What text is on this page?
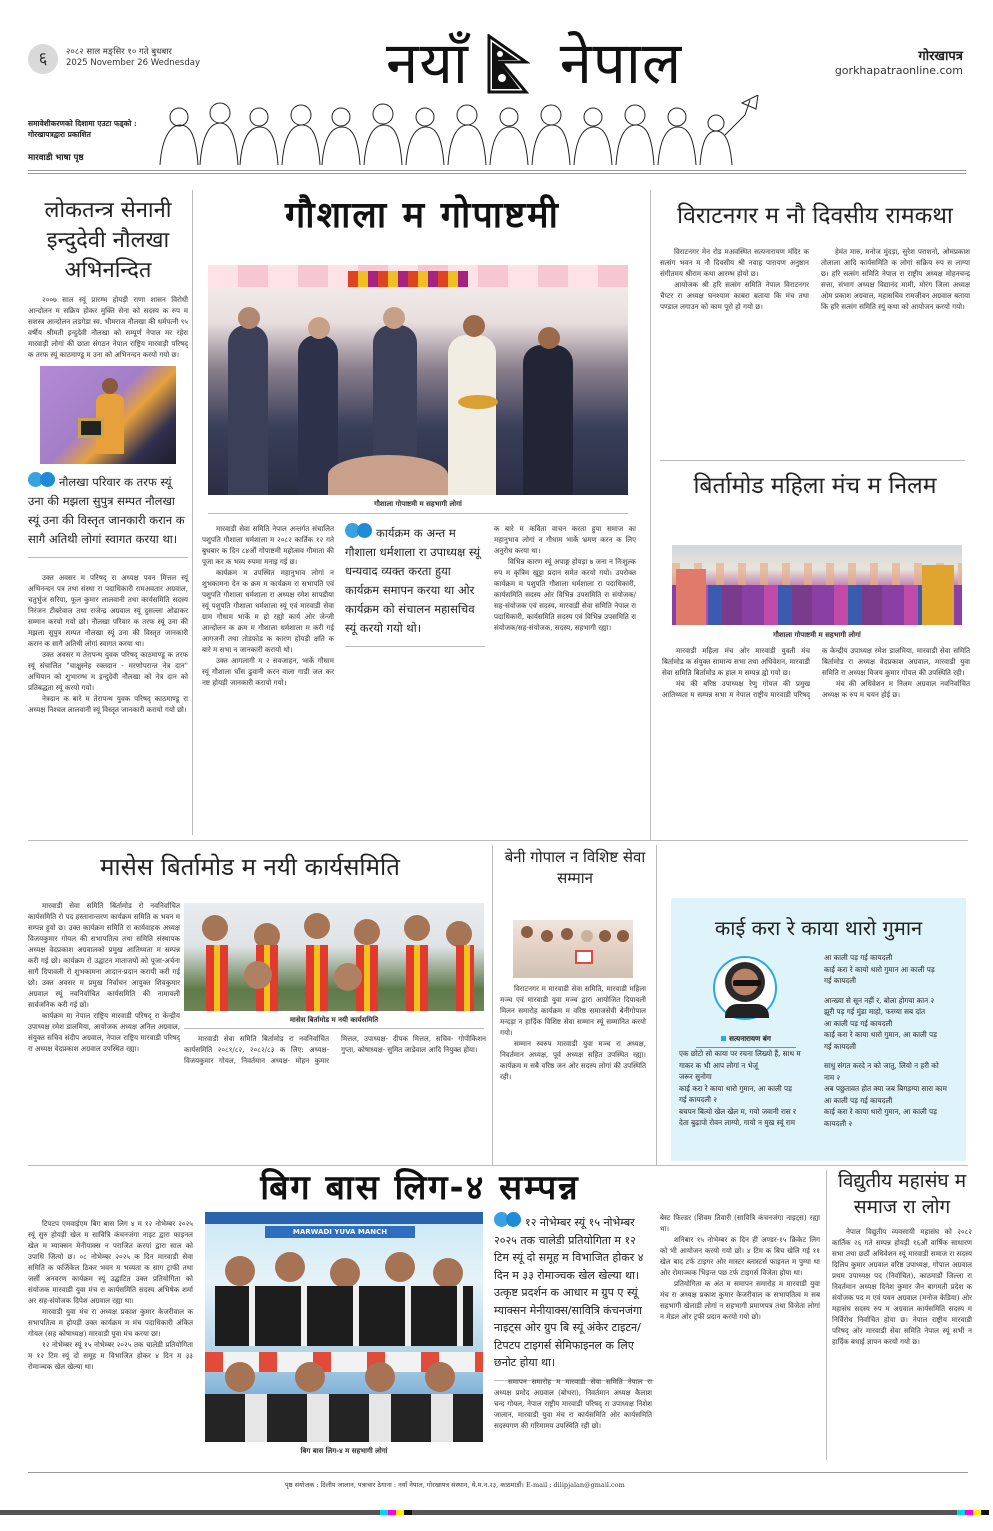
६	२०८२ साल मङ्सिर १० गते बुधबार
2025 November 26 Wednesday	नयाँ नेपाल
समावेशीकरणको दिशामा एउटा फड्को : गोरखापत्रद्वारा प्रकाशित
मारवाडी भाषा पृष्ठ
गोरखापत्र
gorkhapatraonline.com
लोकतन्त्र सेनानी इन्दुदेवी नौलखा अभिनन्दित

२००७ साल स्यूं प्रारम्भ होयड़ी राणा शासन विरोधी आन्दोलन म सक्रिय होकर मुक्ति सेना को सदस्य क रुप म सशस्त्र आन्दोलन लडगेडा स्व. भीमराज नौलखा की धर्मपत्नी ९५ वर्षीय श्रीमती इन्दुदेवी नौलखा को सम्पूर्ण नेपाल मर रहेरा मारवाड़ी लोगां की छाता संगठन नेपाल राष्ट्रिय मारवाड़ी परिषद् क तरफ स्यूं काठमाण्डू म उना को अभिनन्दन करयो गयो छ।

नौलखा परिवार क तरफ स्यूं उना की मझला सुपुत्र सम्पत नौलखा स्यूं उना की विस्तृत जानकारी करान क सागै अतिथी लोगां स्वागत करया था।

उक्त अवसर म परिषद् रा अध्यक्ष पवन मित्तल स्यूं अभिनन्दन पत्र तथा संस्था रा पदाधिकारी रामअवतार अग्रवाल, चतुर्भुज सरिया, फूल कुमार लालवानी तथा कार्यसमिति सदस्य निरंजन टीबरेवाल तथा राजेन्द्र अग्रवाल स्यूं दुसल्ला ओढाकर सम्मान करयो गयो छो। नौलखा परिवार क तरफ स्यूं उना की मझला सुपुत्र सम्पत नौलखा स्यूं उना की विस्तृत जानकारी करान क सागै अतिथी लोगां स्वागत करया था।

उक्त अवसर म तेरापन्थ युवक परिषद् काठमाण्डू क तरफ स्यूं संचालित "चाक्षुस्नेह रक्तदान - मरणोपरान्त नेत्र दान" अभियान को शुभारम्भ म इन्दुदेवी नौलखा को नेत्र दान को प्रतिबद्धता स्यूं करयो गयो।

नेत्रदान क बारे म तेरापन्थ युवक परिषद् काठमाण्डू रा अध्यक्ष निश्चल लालवानी स्यूं विस्तृत जानकारी करायो गयो छो।

गौशाला म गोपाष्टमी
गौशाला गोपाष्टमी म सहभागी लोगां

मारवाडी सेवा समिति नेपाल अन्तर्गत संचालित पशुपति गौशाला धर्मशाला म २०८२ कार्तिक १२ गते बुधबार क दिन ८४औं गोपाष्टमी महोत्सव गौमाता की पूजा कर क भव्य रुपमा मनाइ गई छ।

कार्यक्रम म उपस्थित महानुभाव लोगां न शुभकामना देन क क्रम म कार्यक्रम रा सभापति एवं पशुपति गौशाला धर्मशाला रा अध्यक्ष रमेश सापडीया स्यूं पशुपति गौशाला धर्मशाला स्यूं एवं मारवाडी सेवा ग्राम गौधाम भार्के म हो रह्यो कार्य ओर जेन्जी आन्दोलन क क्रम म गौशाला धर्मशाला म करी गई आगजनी तथा तोडफोड क कारण होयड़ी क्षति क बारे म सभा न जानकारी करायो थो।

उक्त आगलागी म २ सवजाहन, भार्के गौधाम स्यूं गौशाला घाँस ढुवानी करन वाला गाडी जल कर नष्ट होयड़ी जानकारी करायो गयो।

कार्यक्रम क अन्त म गौशाला धर्मशाला रा उपाध्यक्ष स्यूं धन्यवाद व्यक्त करता हुया कार्यक्रम समापन करया था ओर कार्यक्रम को संचालन महासचिव स्यूं करयो गयो थो।

क बारे म कविता वाचन करता हुया समाज का महानुभाव लोगां न गौधाम भार्के भ्रमण करन क लिए अनुरोध करया था।

विभिन्न कारण स्यूं अपाङ्ग होयड़ा ७ जना न निःशुल्क रुप म कृत्रिम खुट्टा प्रदान समेत करयो गयो। उपरोक्त कार्यक्रम म पशुपति गौशाला धर्मशाला रा पदाधिकारी, कार्यसमिति सदस्य ओर विभिन्न उपसमिति रा संयोजक/सह-संयोजक एवं सदस्य, मारवाडी सेवा समिति नेपाल रा पदाधिकारी, कार्यसमिति सदस्य एवं विभिन्न उपसमिति रा संयोजक/सह-संयोजक, सदस्य, सहभागी रह्या।

विराटनगर म नौ दिवसीय रामकथा

विराटनगर मेन रोड मअवस्थित सत्यनारायण मंदिर क सत्संग भवन म नौ दिवसीय श्री नवाह पारायण अनुष्ठान संगीतमय श्रीराम कथा आरम्भ होयो छ।

आयोजक श्री हरि सत्संग समिति नेपाल विराटनगर चैप्टर रा अध्यक्ष घनश्याम काबरा बताया कि मंच तथा पण्डाल लगाउन को काम पूरो हो गयो छ।

हेमंत मारु, मनोज मुंदड़ा, सुरेश पराशनो, ओमप्रकाश तोलाला आदि कार्यसमिति क लोगां सक्रिय रुप स लाग्या छ। हरि सत्संग समिति नेपाल रा राष्ट्रीय अध्यक्ष मोहनचन्द्र सत्ता, संभाग अध्यक्ष विद्यानंद मामी, मोरंग जिला अध्यक्ष ओम प्रकाश अग्रवाल, महासचिव रामजीवन अग्रवाल बताया कि हरि सत्संग समिति स्यूं कथा को आयोजन करयो गयो।

बिर्तामोड महिला मंच म निलम
गौशाला गोपाष्टमी म सहभागी लोगां

मारवाडी महिला मंच ओर मारवाडी युवती मंच बिर्तामोड क संयुक्त सामान्य सभा तथा अधिवेशन, मारवाडी सेवा समिति बिर्तामोड क हाल म सम्पन्न ह्वो गयो छ।

मंच की बरिष्ठ उपाध्यक्ष रेणु गोयल की प्रमुख आतिथ्यता म सम्पन्न सभा म नेपाल राष्ट्रीय मारवाडी परिषद् क केन्द्रीय उपाध्यक्ष रमेश डालमिया, मारवाडी सेवा समिति बिर्तामोड रा अध्यक्ष वेदप्रकाश अग्रवाल, मारवाडी युवा समिति रा अध्यक्ष विजय कुमार गोयल की उपस्थिति रही।

मंच की अधिवेशन म निलम अग्रवाल नवनिर्वाचित अध्यक्ष क रुप म चयन होई छ।

मासेस बिर्तामोड म नयी कार्यसमिति

मारवाडी सेवा समिति बिर्तामोड रो नवनिर्वाचित कार्यसमिति रो पद हस्तानान्तरण कार्यक्रम समिति क भवन म सम्पन्न हुयो छ। उक्त कार्यक्रम समिति रा कार्यवाहक अध्यक्ष विजयकुमार गोयल की सभापतित्व तथा समिति संस्थापक अध्यक्ष वेदप्रकाश अग्रवालको प्रमुख आतिथ्यता म सम्पन्न करी गई छो। कार्यक्रम रो उद्घाटन माताजयों को पूजा-अर्चना सागै दिपावली रो शुभकामना आदान-प्रदान करायी करी गई छो। उक्त अवसर म प्रमुख निर्वाचन आयुक्त शिवकुमार अग्रवाल स्यूं नवनिर्वाचित कार्यसमिति की नामावली सार्वजनिक करी गई छो।

कार्यक्रम मा नेपाल राष्ट्रिय मारवाडी परिषद् रा केन्द्रीय उपाध्यक्ष रमेश डालमिया, आयोजक अध्यक्ष अनिल अग्रवाल, संयुक्त सचिव संदीप अग्रवाल, नेपाल राष्ट्रिय मारवाडी परिषद् रा अध्यक्ष वेदप्रकाश अग्रवाल उपस्थित रह्या।

मासेस बिर्तामोड म नयी कार्यसमिति

मारवाडी सेवा समिति बिर्तामोड रा नवनिर्वाचित कार्यसमिति २०८१/८२, २०८२/८३ क लिए: अध्यक्ष- विजयकुमार गोयल, निवर्तमान अध्यक्ष- मोहन कुमार मित्तल, उपाध्यक्ष- दीपक मित्तल, सचिव- गोपीकिशन गुप्ता, कोषाध्यक्ष- सुमित जाडेवाल आदि नियुक्त होया।

बेनी गोपाल न विशिष्ट सेवा सम्मान

विराटनगर म मारवाडी सेवा समिति, मारवाडी महिला मञ्च एवं मारवाडी युवा मञ्च द्वारा आयोजित दिपावली मिलन समारोह कार्यक्रम म वरिष्ठ समाजसेवी बेनीगोपाल मन्दड़ा न हार्दिक विशिष्ट सेवा सम्मान स्यूं सम्मानित करयो गयो।

सम्मान स्वरुप मारवाडी युवा मञ्च रा अध्यक्ष, निवर्तमान अध्यक्ष, पूर्व अध्यक्ष सहित उपस्थित रह्या। कार्यक्रम म सबै वरिष्ठ जन ओर सदस्य लोगां की उपस्थिति रही।

काई करा रे काया थारो गुमान
सत्यनारायण बंग
एक छोटो सो काया पर रचना लिख्यो हैं, साथ म
गाकर क भी आप लोगां न भेजूं
जरूर सुनोगा
काई करा रे काया थारो गुमान, आ काली पड़
गई कायदली २
बचपन बित्यो खेल खेल म, गयो जवानी रास र
देता बुढ़ापो रोवन लाग्यो, गायो न मुख स्यूं राम
आ काली पड़ गई कायदली
काई करा रे कायो थारो गुमान आ काली पड़
गई कायदली
आन्ख्या से सून नहीं र, बोला होगया कान २
झूरी पड़ गई मुंडा माहो, फरग्या सब दांत
आ काली पड़ गई कायदली
काई करा रे काया थारो गुमान, आ काली पड़
गई कायदली
साधु संगत करदे न को जातु, लियो न हरी को
नाम २
अब पछुतावत होत क्या जब बिगड़ग्या सारा काम
आ काली पड़ गई कायदली
काई करा रे काया थारो गुमान, आ काली पड़
कायदली २
बिग बास लिग-४ सम्पन्न

टिपटप एमवाईएम बिग बास लिग ४ म १२ नोभेम्बर २०२५ स्यूं सुरु होयड़ी खेल म सावित्रि कंचनजंगा नाइट द्वारा फाइनल खेल म म्याक्सन मेनीयाक्स न पराजित करयां द्वारा साल को उपाधि जित्यो छ। ०८ नोभेम्बर २०२५ क दिन मारवाडी सेवा समिति क फर्जिकेल ठिकर भवन म भव्यता क साग ट्राफी तथा जर्सी अनवरण कार्यक्रम स्यूं उद्घाटित उक्त प्रतियोगिता को संयोजक मारवाडी युवा मंच रा कार्यसमिति सदस्य अभिषेक शर्मा अर सह-संयोजक दिपेश अग्रवाल रह्या था।

मारवाडी युवा मंच रा अध्यक्ष प्रकाश कुमार केजरीवाल क सभापतित्व म होयड़ी उक्त कार्यक्रम म मंच पदाधिकारी अंकित गोयल (सह कोषाध्यक्ष) मारवाडी युवा मंच करया छा।

१२ नोभेम्बर स्यूं १५ नोभेम्बर २०२५ तक चालेडी प्रतियोगिता म १२ टिम स्यूं दो समूह म विभाजित होकर ४ दिन म ३३ रोमाञ्चक खेल खेल्या था।

MARWADI YUVA MANCH
बिग बास लिग-४ म सहभागी लोगां
१२ नोभेम्बर स्यूं १५ नोभेम्बर २०२५ तक चालेडी प्रतियोगिता म १२ टिम स्यूं दो समूह म विभाजित होकर ४ दिन म ३३ रोमाञ्चक खेल खेल्या था। उत्कृष्ट प्रदर्शन क आधार म ग्रुप ए स्यूं म्याक्सन मेनीयाक्स/सावित्रि कंचनजंगा नाइट्स ओर ग्रुप बि स्यूं अंकेर टाइटन/टिपटप टाइगर्स सेमिफाइनल क लिए छनोट होया था।

समापन समारोह म मारवाडी सेवा समिति नेपाल रा अध्यक्ष प्रमोद अग्रवाल (बोथरा), निवर्तमान अध्यक्ष कैलाश चन्द गोयल, नेपाल राष्ट्रीय मारवाडी परिषद् रा उपाध्यक्ष निशेश जालान, मारवाडी युवा मंच रा कार्यसमिति ओर कार्यसमिति सदस्यगण की गरिमामय उपस्थिति रही छो।

बेस्ट फिल्डर (शिवम तिवारी (सावित्रि कंचनजंगा नाइट्स) रह्या था।

शनिबार १५ नोभेम्बर क दिन ही अण्डर-१५ क्रिकेट लिग को भी आयोजन करयो गयो छो। ४ टिम क बिच खेलि गई ११ खेल बाद टर्फ टाइगर ओर मास्टर ब्लास्टर्स फाइनल म पुग्या था ओर रोमाञ्चक भिड़न्त पछ टर्फ टाइगर्स विजेता होया था।

प्रतियोगिता क अंत म समापन समारोह म मारवाडी युवा मंच रा अध्यक्ष प्रकाश कुमार केजरीवाल क सभापतित्व म सब सहभागी खेलाडी लोगां न सहभागी प्रमाणपत्र तथा विजेता लोगां न मेडल ओर ट्रफी प्रदान करयो गयो छो।

विद्युतीय महासंघ म समाज रा लोग

नेपाल विद्युतीय व्यवसायी महासंघ को २०८२ कार्तिक २६ गते सम्पन्न होयड़ी १६औं वार्षिक साधारण सभा तथा छठौं अधिवेशन स्यूं मारवाडी समाज रा सदस्य दिलिप कुमार अग्रवाल वरिष्ठ उपाध्यक्ष, गोपाल अग्रवाल प्रथम उपाध्यक्ष पद (निर्वाचित), काठमाडौं जिल्ला रा निवर्तमान अध्यक्ष दिनेश कुमार जैन बागमती प्रदेश क संयोजक पद म एवं पवन अग्रवाल (मनोज केडिया) ओर महासंघ सदस्य रुप म अग्रवाल कार्यसमिति सदस्य म निर्विरोध निर्वाचित होया छ। नेपाल राष्ट्रीय मारवाडी परिषद् ओर मारवाडी सेवा समिति नेपाल स्यूं सभी न हार्दिक बधाई ज्ञापन करयो गयो छ।

पृष्ठ संयोजक : दिलीप जालान, पत्राचार ठेगाना : नयाँ नेपाल, गोरखापत्र संस्थान, थे.म.न.२३, काठमाडौं। E-mail : dilipjalan@gmail.com
